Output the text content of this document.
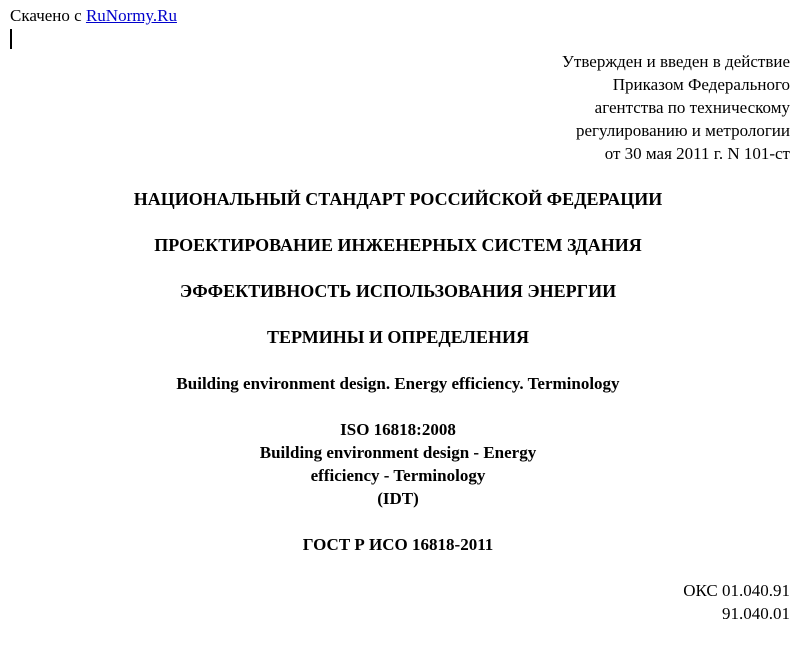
Скачено с RuNormy.Ru
Утвержден и введен в действие
Приказом Федерального
агентства по техническому
регулированию и метрологии
от 30 мая 2011 г. N 101-ст
НАЦИОНАЛЬНЫЙ СТАНДАРТ РОССИЙСКОЙ ФЕДЕРАЦИИ
ПРОЕКТИРОВАНИЕ ИНЖЕНЕРНЫХ СИСТЕМ ЗДАНИЯ
ЭФФЕКТИВНОСТЬ ИСПОЛЬЗОВАНИЯ ЭНЕРГИИ
ТЕРМИНЫ И ОПРЕДЕЛЕНИЯ
Building environment design. Energy efficiency. Terminology
ISO 16818:2008
Building environment design - Energy
efficiency - Terminology
(IDT)
ГОСТ Р ИСО 16818-2011
ОКС 01.040.91
91.040.01
